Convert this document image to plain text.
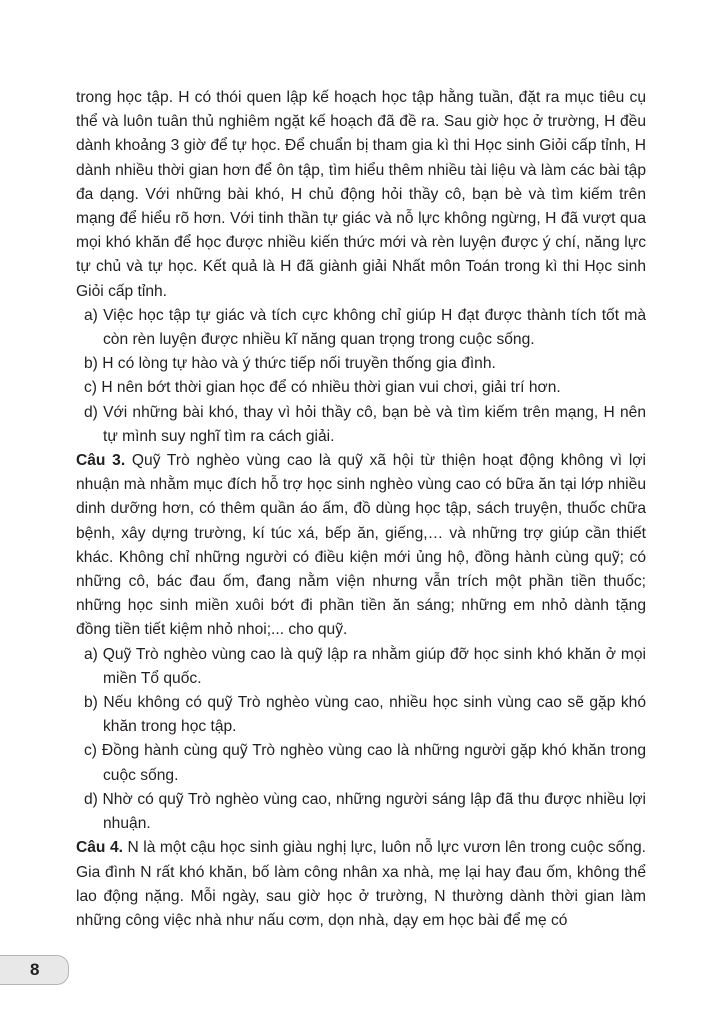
trong học tập. H có thói quen lập kế hoạch học tập hằng tuần, đặt ra mục tiêu cụ thể và luôn tuân thủ nghiêm ngặt kế hoạch đã đề ra. Sau giờ học ở trường, H đều dành khoảng 3 giờ để tự học. Để chuẩn bị tham gia kì thi Học sinh Giỏi cấp tỉnh, H dành nhiều thời gian hơn để ôn tập, tìm hiểu thêm nhiều tài liệu và làm các bài tập đa dạng. Với những bài khó, H chủ động hỏi thầy cô, bạn bè và tìm kiếm trên mạng để hiểu rõ hơn. Với tinh thần tự giác và nỗ lực không ngừng, H đã vượt qua mọi khó khăn để học được nhiều kiến thức mới và rèn luyện được ý chí, năng lực tự chủ và tự học. Kết quả là H đã giành giải Nhất môn Toán trong kì thi Học sinh Giỏi cấp tỉnh.

a) Việc học tập tự giác và tích cực không chỉ giúp H đạt được thành tích tốt mà còn rèn luyện được nhiều kĩ năng quan trọng trong cuộc sống.

b) H có lòng tự hào và ý thức tiếp nối truyền thống gia đình.

c) H nên bớt thời gian học để có nhiều thời gian vui chơi, giải trí hơn.

d) Với những bài khó, thay vì hỏi thầy cô, bạn bè và tìm kiếm trên mạng, H nên tự mình suy nghĩ tìm ra cách giải.

Câu 3. Quỹ Trò nghèo vùng cao là quỹ xã hội từ thiện hoạt động không vì lợi nhuận mà nhằm mục đích hỗ trợ học sinh nghèo vùng cao có bữa ăn tại lớp nhiều dinh dưỡng hơn, có thêm quần áo ấm, đồ dùng học tập, sách truyện, thuốc chữa bệnh, xây dựng trường, kí túc xá, bếp ăn, giếng,… và những trợ giúp cần thiết khác. Không chỉ những người có điều kiện mới ủng hộ, đồng hành cùng quỹ; có những cô, bác đau ốm, đang nằm viện nhưng vẫn trích một phần tiền thuốc; những học sinh miền xuôi bớt đi phần tiền ăn sáng; những em nhỏ dành tặng đồng tiền tiết kiệm nhỏ nhoi;... cho quỹ.

a) Quỹ Trò nghèo vùng cao là quỹ lập ra nhằm giúp đỡ học sinh khó khăn ở mọi miền Tổ quốc.

b) Nếu không có quỹ Trò nghèo vùng cao, nhiều học sinh vùng cao sẽ gặp khó khăn trong học tập.

c) Đồng hành cùng quỹ Trò nghèo vùng cao là những người gặp khó khăn trong cuộc sống.

d) Nhờ có quỹ Trò nghèo vùng cao, những người sáng lập đã thu được nhiều lợi nhuận.

Câu 4. N là một cậu học sinh giàu nghị lực, luôn nỗ lực vươn lên trong cuộc sống. Gia đình N rất khó khăn, bố làm công nhân xa nhà, mẹ lại hay đau ốm, không thể lao động nặng. Mỗi ngày, sau giờ học ở trường, N thường dành thời gian làm những công việc nhà như nấu cơm, dọn nhà, dạy em học bài để mẹ có

8
